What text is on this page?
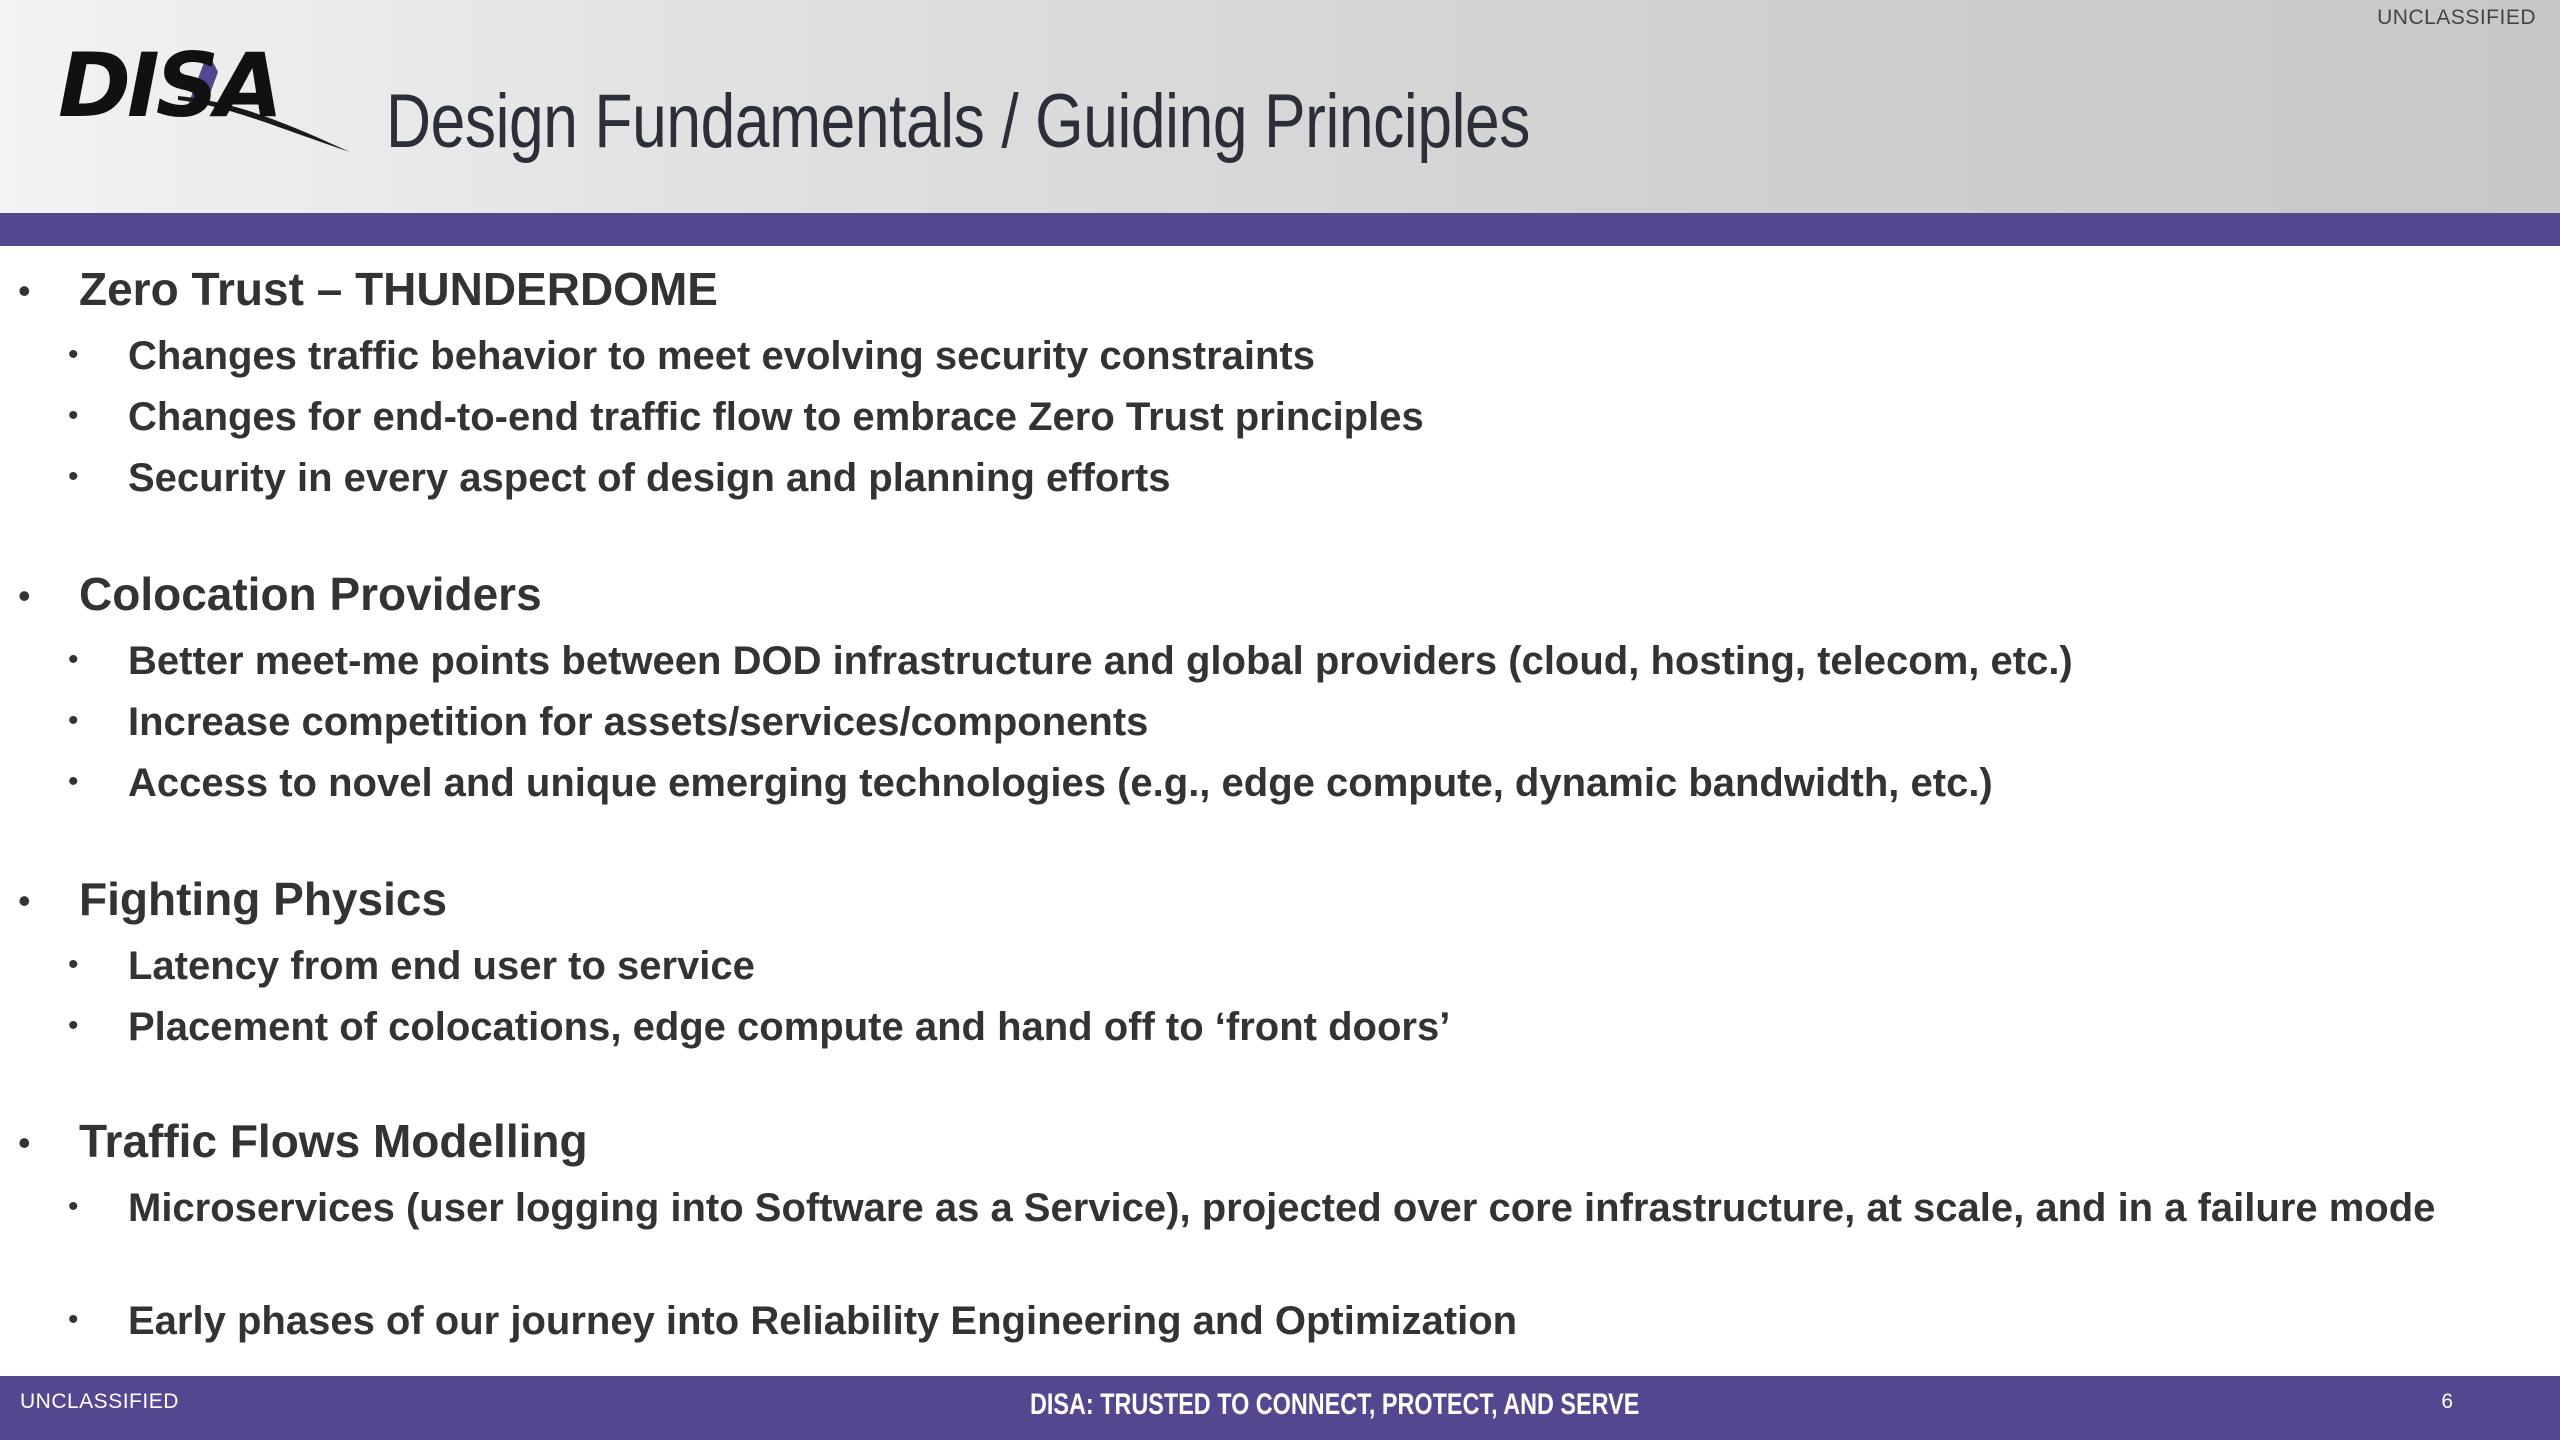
UNCLASSIFIED
DISA Design Fundamentals / Guiding Principles
• Zero Trust – THUNDERDOME
• Changes traffic behavior to meet evolving security constraints
• Changes for end-to-end traffic flow to embrace Zero Trust principles
• Security in every aspect of design and planning efforts
• Colocation Providers
• Better meet-me points between DOD infrastructure and global providers (cloud, hosting, telecom, etc.)
• Increase competition for assets/services/components
• Access to novel and unique emerging technologies (e.g., edge compute, dynamic bandwidth, etc.)
• Fighting Physics
• Latency from end user to service
• Placement of colocations, edge compute and hand off to ‘front doors’
• Traffic Flows Modelling
• Microservices (user logging into Software as a Service), projected over core infrastructure, at scale, and in a failure mode
• Early phases of our journey into Reliability Engineering and Optimization
UNCLASSIFIED	DISA: TRUSTED TO CONNECT, PROTECT, AND SERVE	6
